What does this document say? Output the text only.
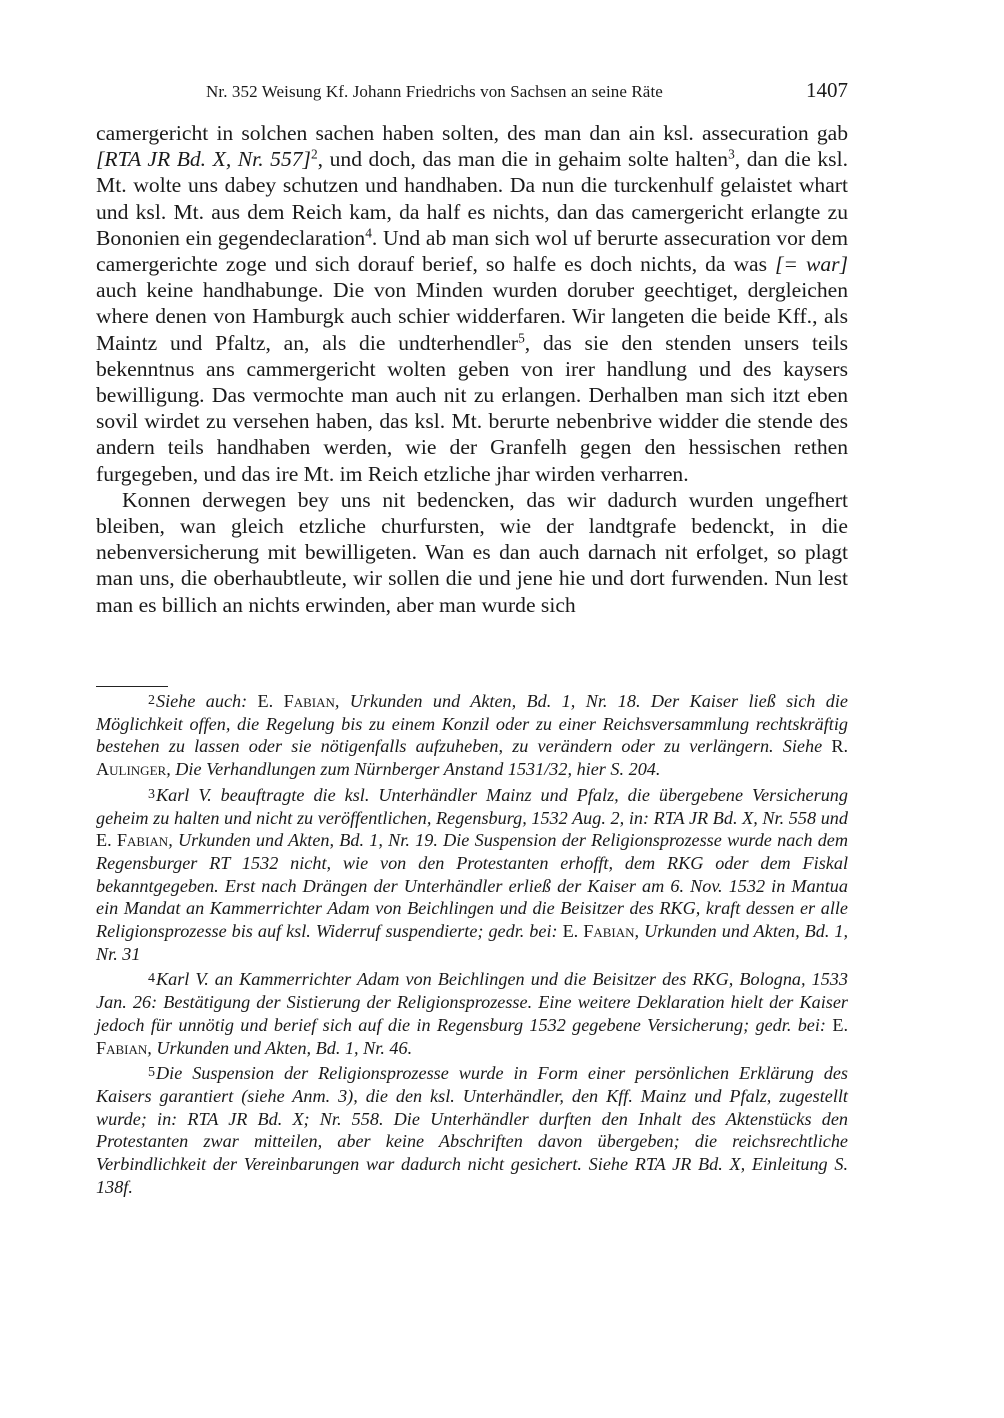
Nr. 352 Weisung Kf. Johann Friedrichs von Sachsen an seine Räte	1407

camergericht in solchen sachen haben solten, des man dan ain ksl. assecuration gab [RTA JR Bd. X, Nr. 557]$^2$, und doch, das man die in gehaim solte halten$^3$, dan die ksl. Mt. wolte uns dabey schutzen und handhaben. Da nun die turckenhulf gelaistet whart und ksl. Mt. aus dem Reich kam, da half es nichts, dan das camergericht erlangte zu Bononien ein gegendeclaration$^4$. Und ab man sich wol uf berurte assecuration vor dem camergerichte zoge und sich dorauf berief, so halfe es doch nichts, da was [= war] auch keine handhabunge. Die von Minden wurden doruber geechtiget, dergleichen where denen von Hamburgk auch schier widderfaren. Wir langeten die beide Kff., als Maintz und Pfaltz, an, als die undterhendler$^5$, das sie den stenden unsers teils bekenntnus ans cammergericht wolten geben von irer handlung und des kaysers bewilligung. Das vermochte man auch nit zu erlangen. Derhalben man sich itzt eben sovil wirdet zu versehen haben, das ksl. Mt. berurte nebenbrive widder die stende des andern teils handhaben werden, wie der Granfelh gegen den hessischen rethen furgegeben, und das ire Mt. im Reich etzliche jhar wirden verharren.

Konnen derwegen bey uns nit bedencken, das wir dadurch wurden ungefhert bleiben, wan gleich etzliche churfursten, wie der landtgrafe bedenckt, in die nebenversicherung mit bewilligeten. Wan es dan auch darnach nit erfolget, so plagt man uns, die oberhaubtleute, wir sollen die und jene hie und dort furwenden. Nun lest man es billich an nichts erwinden, aber man wurde sich

2Siehe auch: E. Fabian, Urkunden und Akten, Bd. 1, Nr. 18. Der Kaiser ließ sich die Möglichkeit offen, die Regelung bis zu einem Konzil oder zu einer Reichsversammlung rechtskräftig bestehen zu lassen oder sie nötigenfalls aufzuheben, zu verändern oder zu verlängern. Siehe R. Aulinger, Die Verhandlungen zum Nürnberger Anstand 1531/32, hier S. 204.

3Karl V. beauftragte die ksl. Unterhändler Mainz und Pfalz, die übergebene Versicherung geheim zu halten und nicht zu veröffentlichen, Regensburg, 1532 Aug. 2, in: RTA JR Bd. X, Nr. 558 und E. Fabian, Urkunden und Akten, Bd. 1, Nr. 19. Die Suspension der Religionsprozesse wurde nach dem Regensburger RT 1532 nicht, wie von den Protestanten erhofft, dem RKG oder dem Fiskal bekanntgegeben. Erst nach Drängen der Unterhändler erließ der Kaiser am 6. Nov. 1532 in Mantua ein Mandat an Kammerrichter Adam von Beichlingen und die Beisitzer des RKG, kraft dessen er alle Religionsprozesse bis auf ksl. Widerruf suspendierte; gedr. bei: E. Fabian, Urkunden und Akten, Bd. 1, Nr. 31

4Karl V. an Kammerrichter Adam von Beichlingen und die Beisitzer des RKG, Bologna, 1533 Jan. 26: Bestätigung der Sistierung der Religionsprozesse. Eine weitere Deklaration hielt der Kaiser jedoch für unnötig und berief sich auf die in Regensburg 1532 gegebene Versicherung; gedr. bei: E. Fabian, Urkunden und Akten, Bd. 1, Nr. 46.

5Die Suspension der Religionsprozesse wurde in Form einer persönlichen Erklärung des Kaisers garantiert (siehe Anm. 3), die den ksl. Unterhändler, den Kff. Mainz und Pfalz, zugestellt wurde; in: RTA JR Bd. X; Nr. 558. Die Unterhändler durften den Inhalt des Aktenstücks den Protestanten zwar mitteilen, aber keine Abschriften davon übergeben; die reichsrechtliche Verbindlichkeit der Vereinbarungen war dadurch nicht gesichert. Siehe RTA JR Bd. X, Einleitung S. 138f.
